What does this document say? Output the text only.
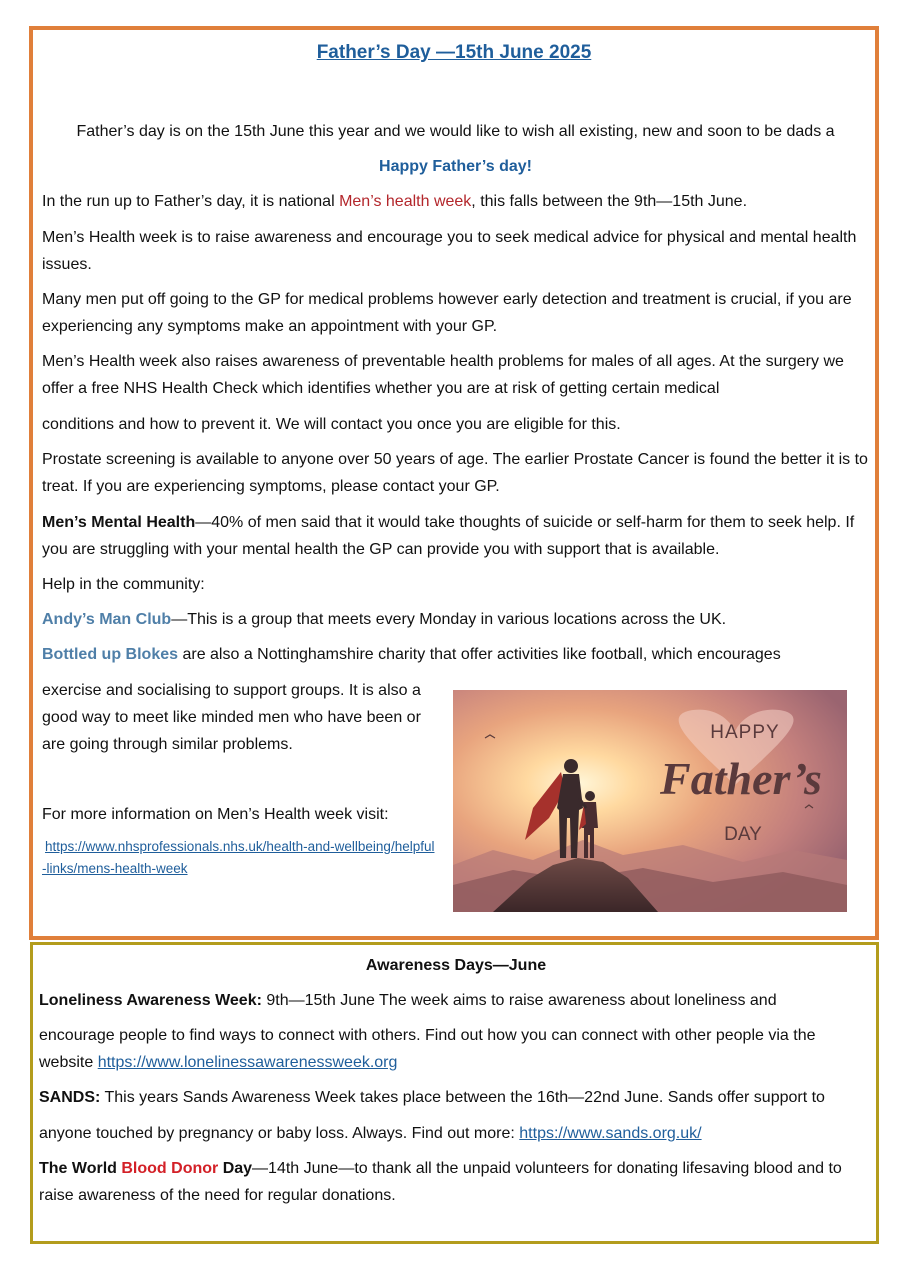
Father’s Day —15th June 2025
Father’s day is on the 15th June this year and we would like to wish all existing, new and soon to be dads a
Happy Father’s day!
In the run up to Father’s day, it is national Men’s health week, this falls between the 9th—15th June.
Men’s Health week is to raise awareness and encourage you to seek medical advice for physical and mental health issues.
Many men put off going to the GP for medical problems however early detection and treatment is crucial, if you are experiencing any symptoms make an appointment with your GP.
Men’s Health week also raises awareness of preventable health problems for males of all ages. At the surgery we offer a free NHS Health Check which identifies whether you are at risk of getting certain medical
conditions and how to prevent it. We will contact you once you are eligible for this.
Prostate screening is available to anyone over 50 years of age. The earlier Prostate Cancer is found the better it is to treat. If you are experiencing symptoms, please contact your GP.
Men’s Mental Health—40% of men said that it would take thoughts of suicide or self-harm for them to seek help. If you are struggling with your mental health the GP can provide you with support that is available.
Help in the community:
Andy’s Man Club—This is a group that meets every Monday in various locations across the UK.
Bottled up Blokes are also a Nottinghamshire charity that offer activities like football, which encourages
exercise and socialising to support groups. It is also a good way to meet like minded men who have been or are going through similar problems.
For more information on Men’s Health week visit:
https://www.nhsprofessionals.nhs.uk/health-and-wellbeing/helpful-links/mens-health-week
HAPPY
Father’s
DAY
Awareness Days—June
Loneliness Awareness Week: 9th—15th June The week aims to raise awareness about loneliness and
encourage people to find ways to connect with others. Find out how you can connect with other people via the website https://www.lonelinessawarenessweek.org
SANDS: This years Sands Awareness Week takes place between the 16th—22nd June. Sands offer support to
anyone touched by pregnancy or baby loss. Always. Find out more: https://www.sands.org.uk/
The World Blood Donor Day—14th June—to thank all the unpaid volunteers for donating lifesaving blood and to raise awareness of the need for regular donations.
